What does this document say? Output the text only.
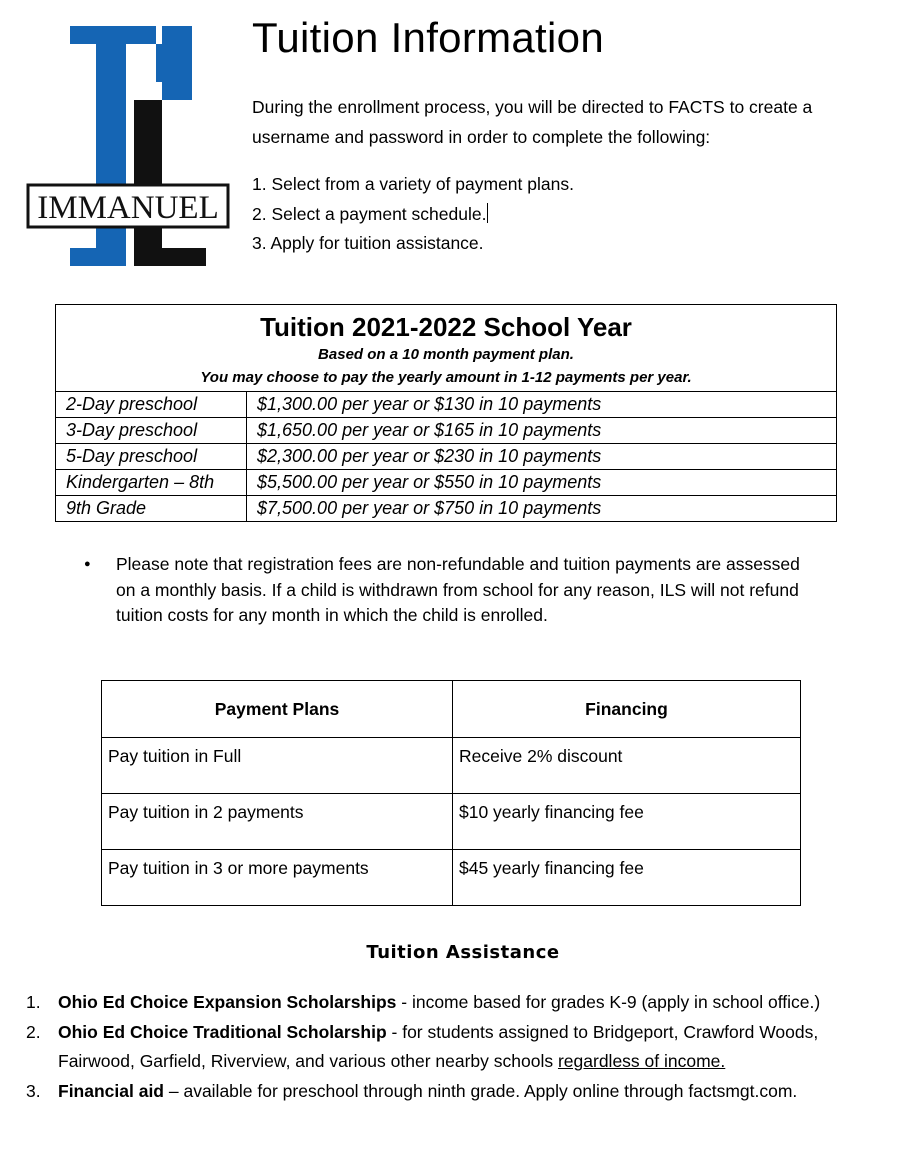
IMMANUEL
Tuition Information

During the enrollment process, you will be directed to FACTS to create a username and password in order to complete the following:

1. Select from a variety of payment plans.
2. Select a payment schedule.
3. Apply for tuition assistance.
Tuition 2021-2022 School Year
Based on a 10 month payment plan.
You may choose to pay the yearly amount in 1-12 payments per year.
2-Day preschool	$1,300.00 per year or $130 in 10 payments
3-Day preschool	$1,650.00 per year or $165 in 10 payments
5-Day preschool	$2,300.00 per year or $230 in 10 payments
Kindergarten – 8th	$5,500.00 per year or $550 in 10 payments
9th Grade	$7,500.00 per year or $750 in 10 payments
● Please note that registration fees are non-refundable and tuition payments are assessed on a monthly basis. If a child is withdrawn from school for any reason, ILS will not refund tuition costs for any month in which the child is enrolled.
Payment Plans	Financing
Pay tuition in Full	Receive 2% discount
Pay tuition in 2 payments	$10 yearly financing fee
Pay tuition in 3 or more payments	$45 yearly financing fee
Tuition Assistance
1. Ohio Ed Choice Expansion Scholarships - income based for grades K-9 (apply in school office.)
2. Ohio Ed Choice Traditional Scholarship - for students assigned to Bridgeport, Crawford Woods, Fairwood, Garfield, Riverview, and various other nearby schools regardless of income.
3. Financial aid – available for preschool through ninth grade. Apply online through factsmgt.com.
